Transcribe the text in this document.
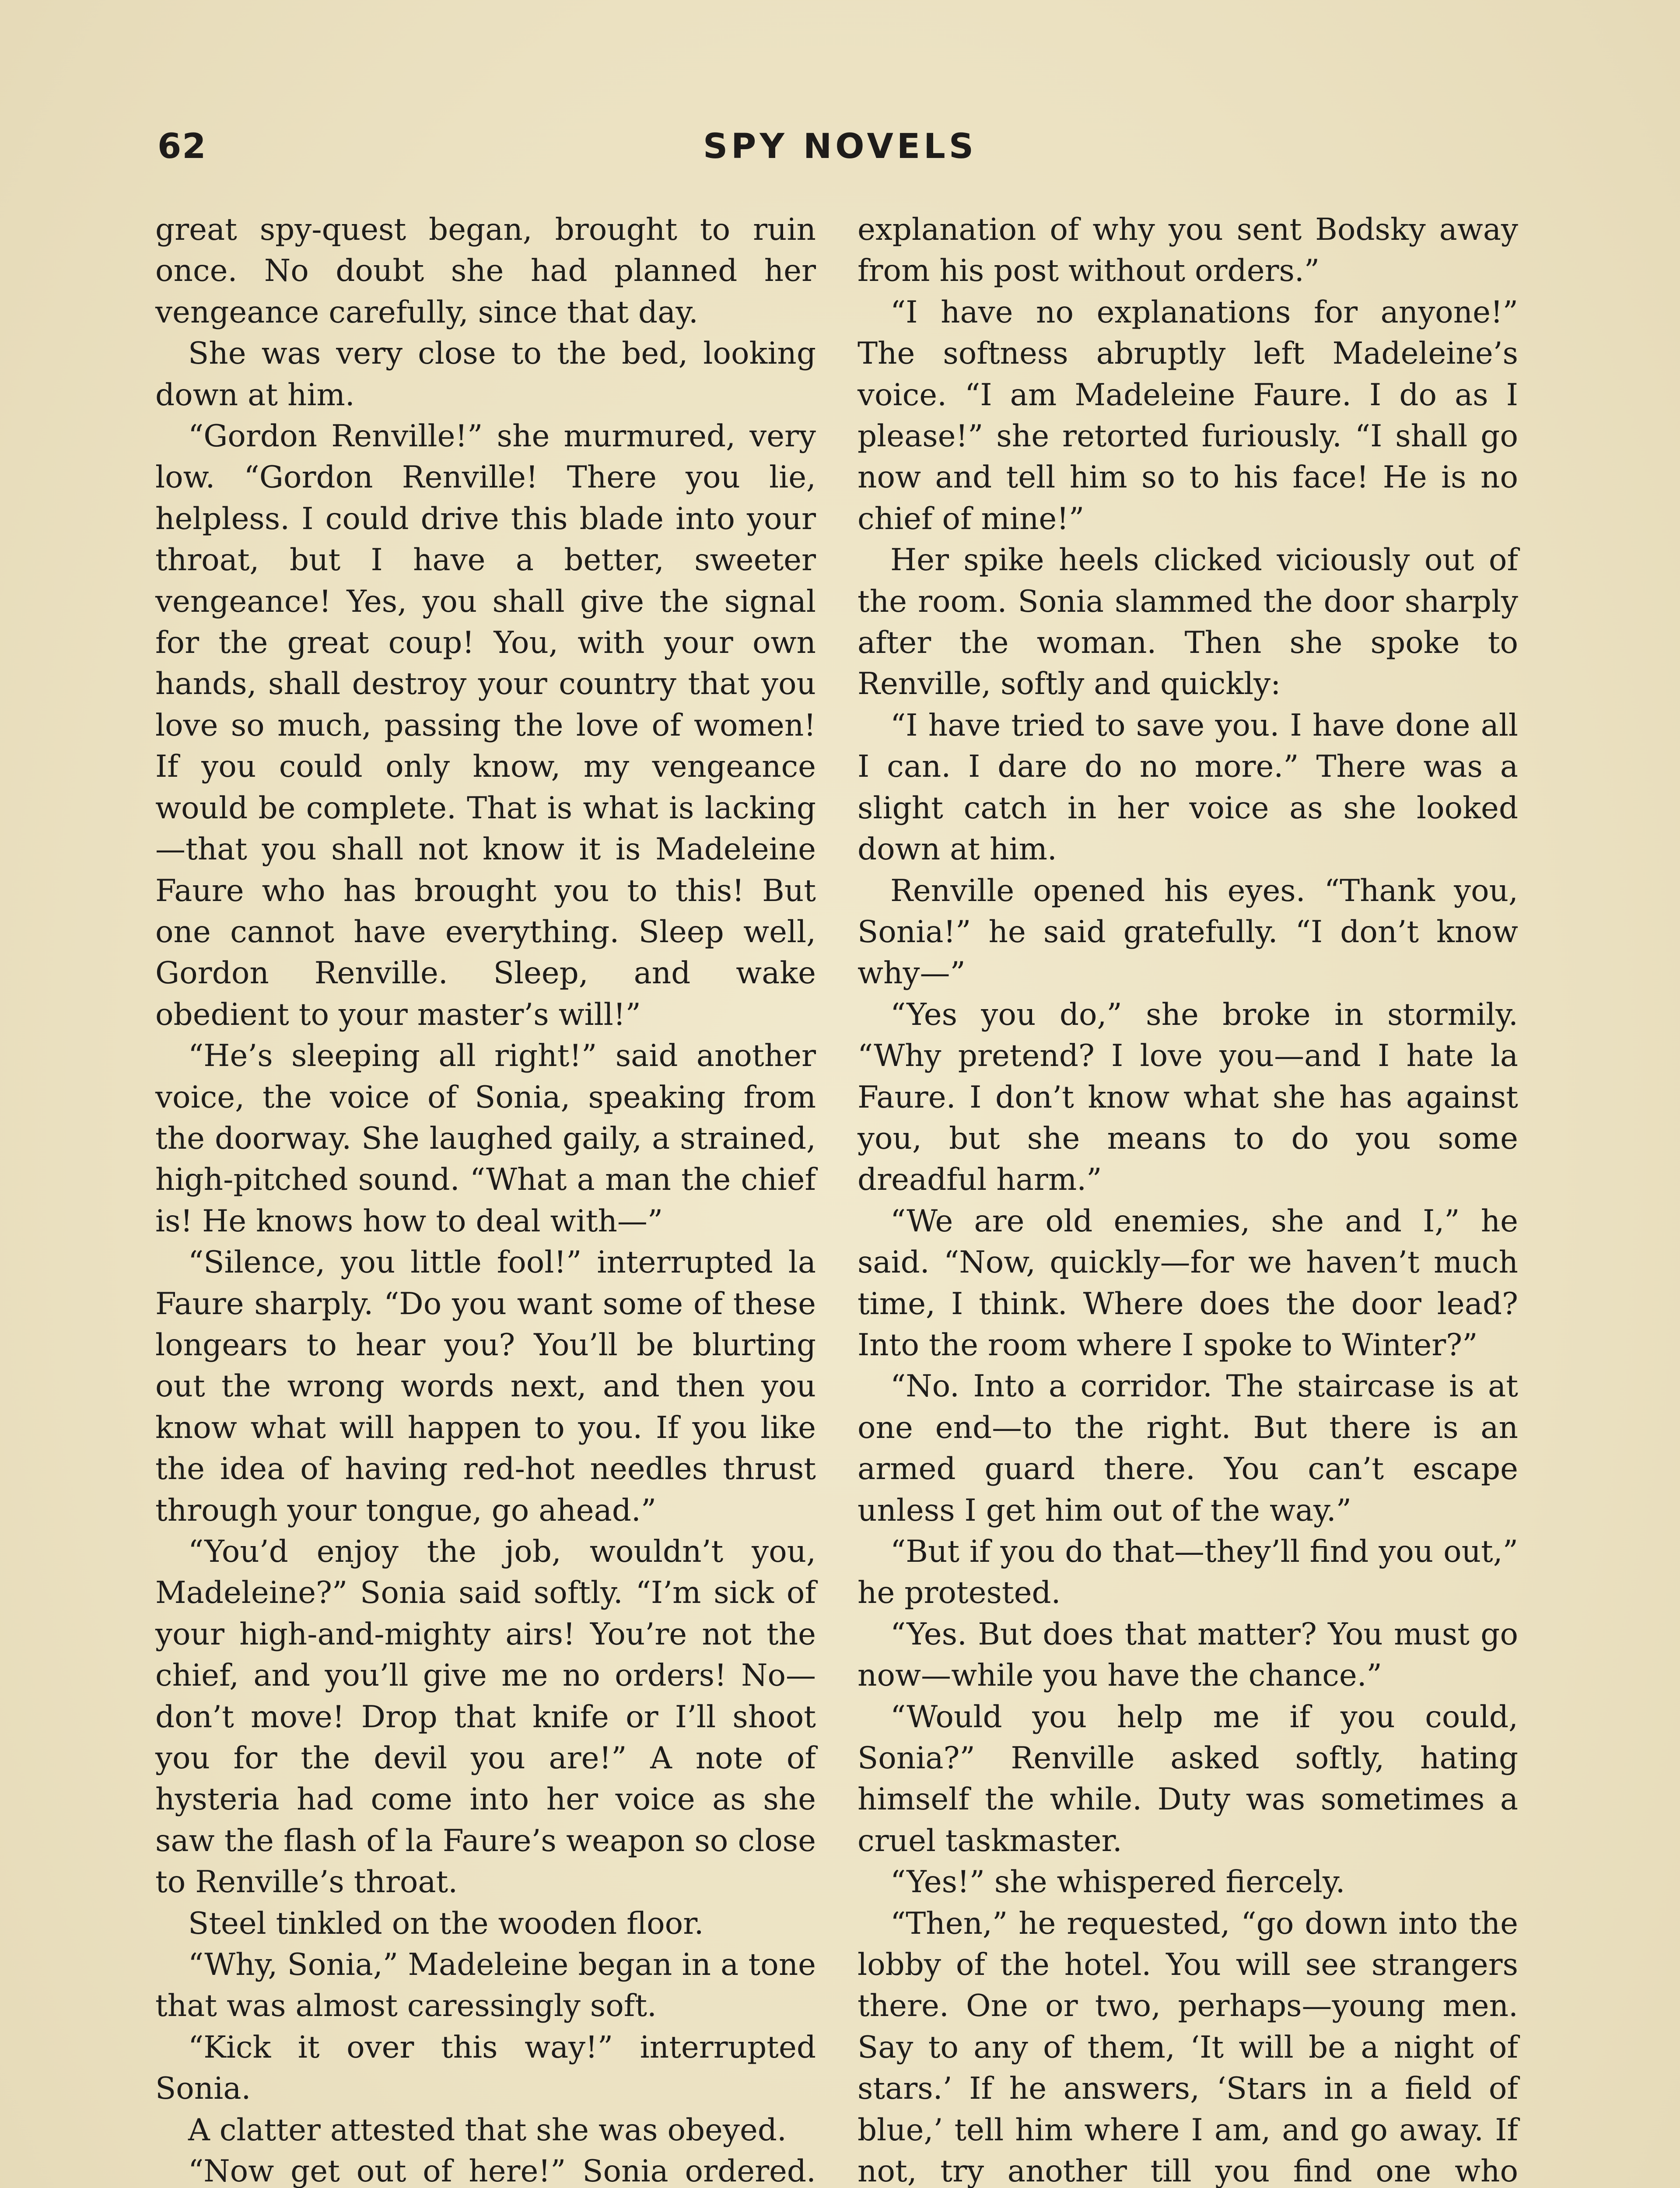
62	SPY NOVELS

great spy-quest began, brought to ruin once. No doubt she had planned her vengeance carefully, since that day.

She was very close to the bed, looking down at him.

“Gordon Renville!” she murmured, very low. “Gordon Renville! There you lie, helpless. I could drive this blade into your throat, but I have a better, sweeter vengeance! Yes, you shall give the signal for the great coup! You, with your own hands, shall destroy your country that you love so much, passing the love of women! If you could only know, my vengeance would be complete. That is what is lacking—that you shall not know it is Madeleine Faure who has brought you to this! But one cannot have everything. Sleep well, Gordon Renville. Sleep, and wake obedient to your master’s will!”

“He’s sleeping all right!” said another voice, the voice of Sonia, speaking from the doorway. She laughed gaily, a strained, high-pitched sound. “What a man the chief is! He knows how to deal with—”

“Silence, you little fool!” interrupted la Faure sharply. “Do you want some of these longears to hear you? You’ll be blurting out the wrong words next, and then you know what will happen to you. If you like the idea of having red-hot needles thrust through your tongue, go ahead.”

“You’d enjoy the job, wouldn’t you, Madeleine?” Sonia said softly. “I’m sick of your high-and-mighty airs! You’re not the chief, and you’ll give me no orders! No—don’t move! Drop that knife or I’ll shoot you for the devil you are!” A note of hysteria had come into her voice as she saw the flash of la Faure’s weapon so close to Renville’s throat.

Steel tinkled on the wooden floor.

“Why, Sonia,” Madeleine began in a tone that was almost caressingly soft.

“Kick it over this way!” interrupted Sonia.

A clatter attested that she was obeyed.

“Now get out of here!” Sonia ordered.

explanation of why you sent Bodsky away from his post without orders.”

“I have no explanations for anyone!” The softness abruptly left Madeleine’s voice. “I am Madeleine Faure. I do as I please!” she retorted furiously. “I shall go now and tell him so to his face! He is no chief of mine!”

Her spike heels clicked viciously out of the room. Sonia slammed the door sharply after the woman. Then she spoke to Renville, softly and quickly:

“I have tried to save you. I have done all I can. I dare do no more.” There was a slight catch in her voice as she looked down at him.

Renville opened his eyes. “Thank you, Sonia!” he said gratefully. “I don’t know why—”

“Yes you do,” she broke in stormily. “Why pretend? I love you—and I hate la Faure. I don’t know what she has against you, but she means to do you some dreadful harm.”

“We are old enemies, she and I,” he said. “Now, quickly—for we haven’t much time, I think. Where does the door lead? Into the room where I spoke to Winter?”

“No. Into a corridor. The staircase is at one end—to the right. But there is an armed guard there. You can’t escape unless I get him out of the way.”

“But if you do that—they’ll find you out,” he protested.

“Yes. But does that matter? You must go now—while you have the chance.”

“Would you help me if you could, Sonia?” Renville asked softly, hating himself the while. Duty was sometimes a cruel taskmaster.

“Yes!” she whispered fiercely.

“Then,” he requested, “go down into the lobby of the hotel. You will see strangers there. One or two, perhaps—young men. Say to any of them, ‘It will be a night of stars.’ If he answers, ‘Stars in a field of blue,’ tell him where I am, and go away. If not, try another till you find one who
